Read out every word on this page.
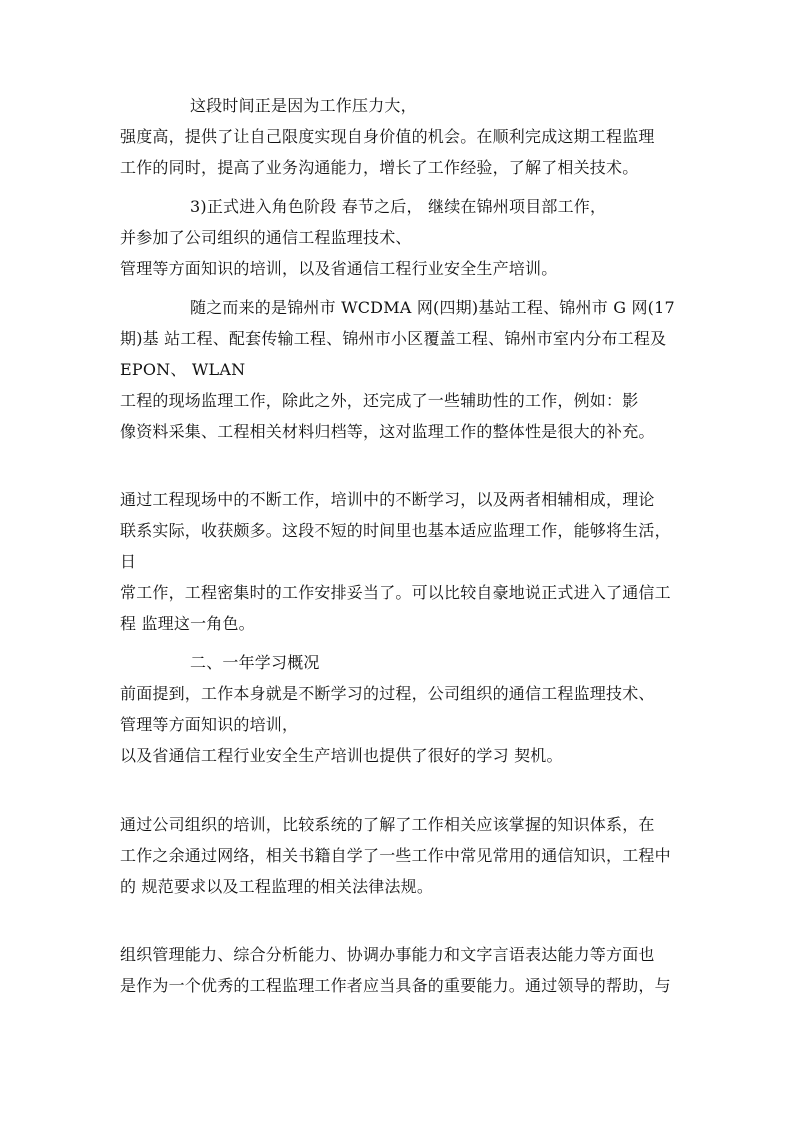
这段时间正是因为工作压力大，
强度高，提供了让自己限度实现自身价值的机会。在顺利完成这期工程监理
工作的同时，提高了业务沟通能力，增长了工作经验，了解了相关技术。
3)正式进入角色阶段 春节之后， 继续在锦州项目部工作，
并参加了公司组织的通信工程监理技术、
管理等方面知识的培训，以及省通信工程行业安全生产培训。
随之而来的是锦州市 WCDMA 网(四期)基站工程、锦州市 G 网(17
期)基 站工程、配套传输工程、锦州市小区覆盖工程、锦州市室内分布工程及
EPON、 WLAN
工程的现场监理工作，除此之外，还完成了一些辅助性的工作，例如：影
像资料采集、工程相关材料归档等，这对监理工作的整体性是很大的补充。
通过工程现场中的不断工作，培训中的不断学习，以及两者相辅相成，理论
联系实际，收获颇多。这段不短的时间里也基本适应监理工作，能够将生活，
日
常工作，工程密集时的工作安排妥当了。可以比较自豪地说正式进入了通信工
程 监理这一角色。
二、一年学习概况
前面提到，工作本身就是不断学习的过程，公司组织的通信工程监理技术、
管理等方面知识的培训，
以及省通信工程行业安全生产培训也提供了很好的学习 契机。
通过公司组织的培训，比较系统的了解了工作相关应该掌握的知识体系，在
工作之余通过网络，相关书籍自学了一些工作中常见常用的通信知识，工程中
的 规范要求以及工程监理的相关法律法规。
组织管理能力、综合分析能力、协调办事能力和文字言语表达能力等方面也
是作为一个优秀的工程监理工作者应当具备的重要能力。通过领导的帮助，与
